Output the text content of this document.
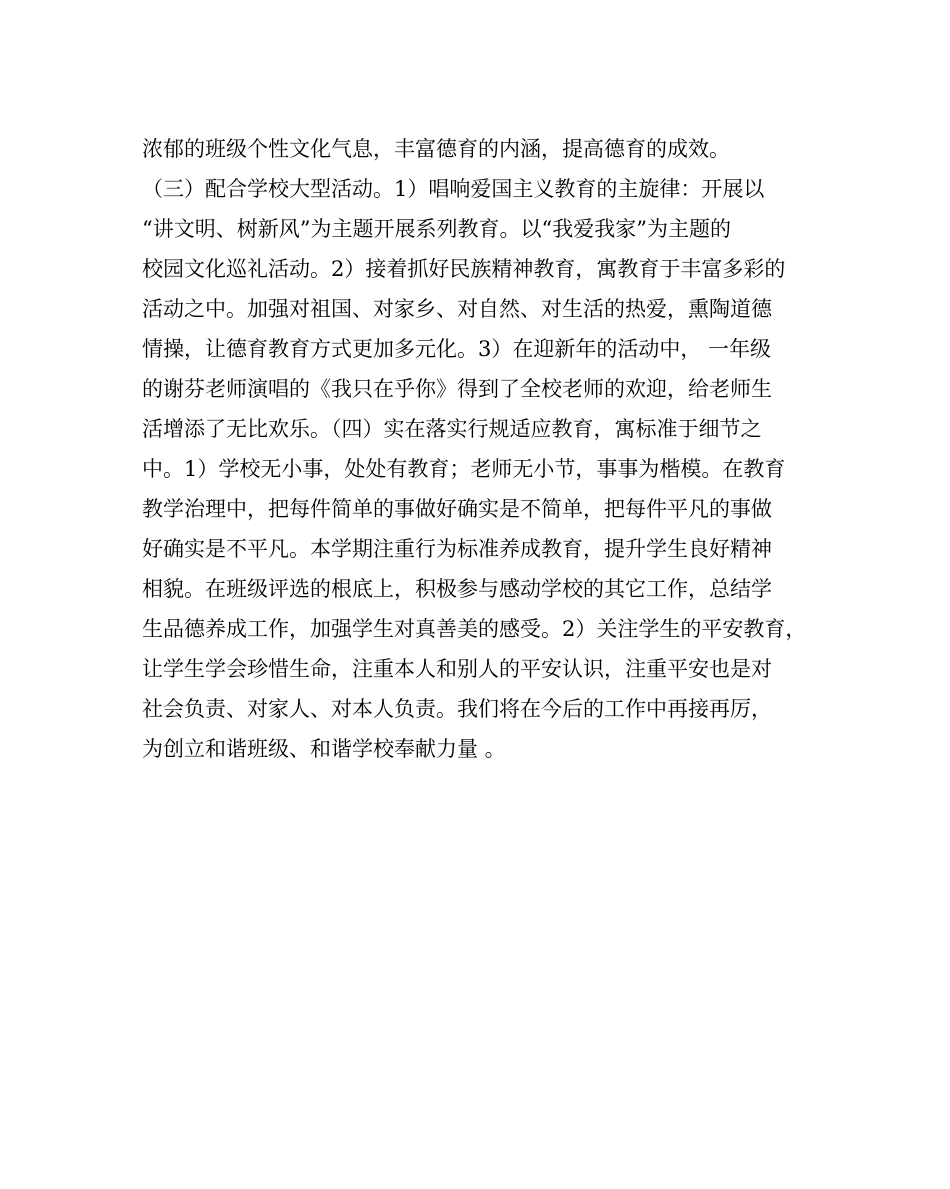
浓郁的班级个性文化气息，丰富德育的内涵，提高德育的成效。
（三）配合学校大型活动。1）唱响爱国主义教育的主旋律：开展以
“讲文明、树新风”为主题开展系列教育。以“我爱我家”为主题的
校园文化巡礼活动。2）接着抓好民族精神教育，寓教育于丰富多彩的
活动之中。加强对祖国、对家乡、对自然、对生活的热爱，熏陶道德
情操，让德育教育方式更加多元化。3）在迎新年的活动中， 一年级
的谢芬老师演唱的《我只在乎你》得到了全校老师的欢迎，给老师生
活增添了无比欢乐。（四）实在落实行规适应教育，寓标准于细节之
中。1）学校无小事，处处有教育；老师无小节，事事为楷模。在教育
教学治理中，把每件简单的事做好确实是不简单，把每件平凡的事做
好确实是不平凡。本学期注重行为标准养成教育，提升学生良好精神
相貌。在班级评选的根底上，积极参与感动学校的其它工作，总结学
生品德养成工作，加强学生对真善美的感受。2）关注学生的平安教育，
让学生学会珍惜生命，注重本人和别人的平安认识，注重平安也是对
社会负责、对家人、对本人负责。我们将在今后的工作中再接再厉，
为创立和谐班级、和谐学校奉献力量 。
